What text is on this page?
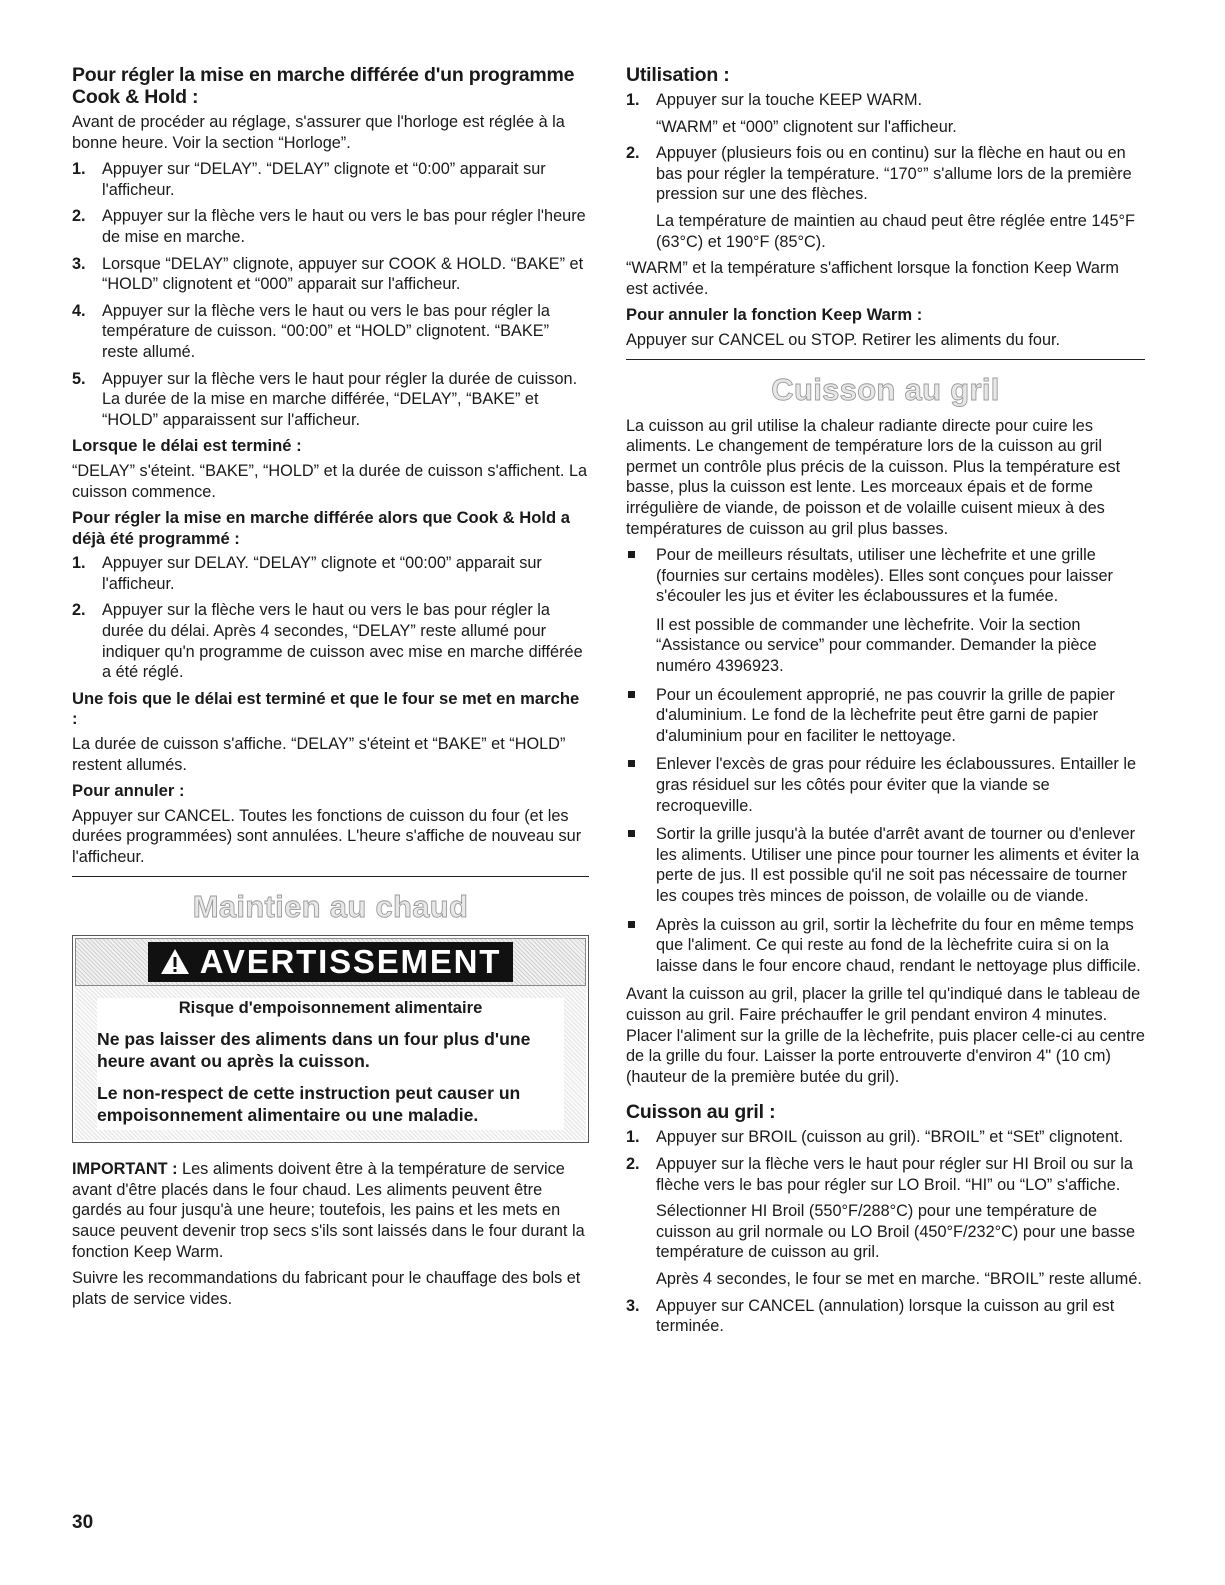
Pour régler la mise en marche différée d'un programme Cook & Hold :

Avant de procéder au réglage, s'assurer que l'horloge est réglée à la bonne heure. Voir la section “Horloge”.

1. Appuyer sur “DELAY”. “DELAY” clignote et “0:00” apparait sur l'afficheur.
2. Appuyer sur la flèche vers le haut ou vers le bas pour régler l'heure de mise en marche.
3. Lorsque “DELAY” clignote, appuyer sur COOK & HOLD. “BAKE” et “HOLD” clignotent et “000” apparait sur l'afficheur.
4. Appuyer sur la flèche vers le haut ou vers le bas pour régler la température de cuisson. “00:00” et “HOLD” clignotent. “BAKE” reste allumé.
5. Appuyer sur la flèche vers le haut pour régler la durée de cuisson. La durée de la mise en marche différée, “DELAY”, “BAKE” et “HOLD” apparaissent sur l'afficheur.
Lorsque le délai est terminé :

“DELAY” s'éteint. “BAKE”, “HOLD” et la durée de cuisson s'affichent. La cuisson commence.

Pour régler la mise en marche différée alors que Cook & Hold a déjà été programmé :
1. Appuyer sur DELAY. “DELAY” clignote et “00:00” apparait sur l'afficheur.
2. Appuyer sur la flèche vers le haut ou vers le bas pour régler la durée du délai. Après 4 secondes, “DELAY” reste allumé pour indiquer qu'n programme de cuisson avec mise en marche différée a été réglé.
Une fois que le délai est terminé et que le four se met en marche :

La durée de cuisson s'affiche. “DELAY” s'éteint et “BAKE” et “HOLD” restent allumés.

Pour annuler :

Appuyer sur CANCEL. Toutes les fonctions de cuisson du four (et les durées programmées) sont annulées. L'heure s'affiche de nouveau sur l'afficheur.

Maintien au chaud
AVERTISSEMENT
Risque d'empoisonnement alimentaire
Ne pas laisser des aliments dans un four plus d'une heure avant ou après la cuisson.
Le non-respect de cette instruction peut causer un empoisonnement alimentaire ou une maladie.

IMPORTANT : Les aliments doivent être à la température de service avant d'être placés dans le four chaud. Les aliments peuvent être gardés au four jusqu'à une heure; toutefois, les pains et les mets en sauce peuvent devenir trop secs s'ils sont laissés dans le four durant la fonction Keep Warm.

Suivre les recommandations du fabricant pour le chauffage des bols et plats de service vides.

Utilisation :
1. Appuyer sur la touche KEEP WARM.
“WARM” et “000” clignotent sur l'afficheur.
2. Appuyer (plusieurs fois ou en continu) sur la flèche en haut ou en bas pour régler la température. “170°” s'allume lors de la première pression sur une des flèches.
La température de maintien au chaud peut être réglée entre 145°F (63°C) et 190°F (85°C).

“WARM” et la température s'affichent lorsque la fonction Keep Warm est activée.

Pour annuler la fonction Keep Warm :

Appuyer sur CANCEL ou STOP. Retirer les aliments du four.

Cuisson au gril

La cuisson au gril utilise la chaleur radiante directe pour cuire les aliments. Le changement de température lors de la cuisson au gril permet un contrôle plus précis de la cuisson. Plus la température est basse, plus la cuisson est lente. Les morceaux épais et de forme irrégulière de viande, de poisson et de volaille cuisent mieux à des températures de cuisson au gril plus basses.

Pour de meilleurs résultats, utiliser une lèchefrite et une grille (fournies sur certains modèles). Elles sont conçues pour laisser s'écouler les jus et éviter les éclaboussures et la fumée.
Il est possible de commander une lèchefrite. Voir la section “Assistance ou service” pour commander. Demander la pièce numéro 4396923.
Pour un écoulement approprié, ne pas couvrir la grille de papier d'aluminium. Le fond de la lèchefrite peut être garni de papier d'aluminium pour en faciliter le nettoyage.
Enlever l'excès de gras pour réduire les éclaboussures. Entailler le gras résiduel sur les côtés pour éviter que la viande se recroqueville.
Sortir la grille jusqu'à la butée d'arrêt avant de tourner ou d'enlever les aliments. Utiliser une pince pour tourner les aliments et éviter la perte de jus. Il est possible qu'il ne soit pas nécessaire de tourner les coupes très minces de poisson, de volaille ou de viande.
Après la cuisson au gril, sortir la lèchefrite du four en même temps que l'aliment. Ce qui reste au fond de la lèchefrite cuira si on la laisse dans le four encore chaud, rendant le nettoyage plus difficile.

Avant la cuisson au gril, placer la grille tel qu'indiqué dans le tableau de cuisson au gril. Faire préchauffer le gril pendant environ 4 minutes. Placer l'aliment sur la grille de la lèchefrite, puis placer celle-ci au centre de la grille du four. Laisser la porte entrouverte d'environ 4" (10 cm) (hauteur de la première butée du gril).

Cuisson au gril :
1. Appuyer sur BROIL (cuisson au gril). “BROIL” et “SEt” clignotent.
2. Appuyer sur la flèche vers le haut pour régler sur HI Broil ou sur la flèche vers le bas pour régler sur LO Broil. “HI” ou “LO” s'affiche.
Sélectionner HI Broil (550°F/288°C) pour une température de cuisson au gril normale ou LO Broil (450°F/232°C) pour une basse température de cuisson au gril.
Après 4 secondes, le four se met en marche. “BROIL” reste allumé.
3. Appuyer sur CANCEL (annulation) lorsque la cuisson au gril est terminée.
30
